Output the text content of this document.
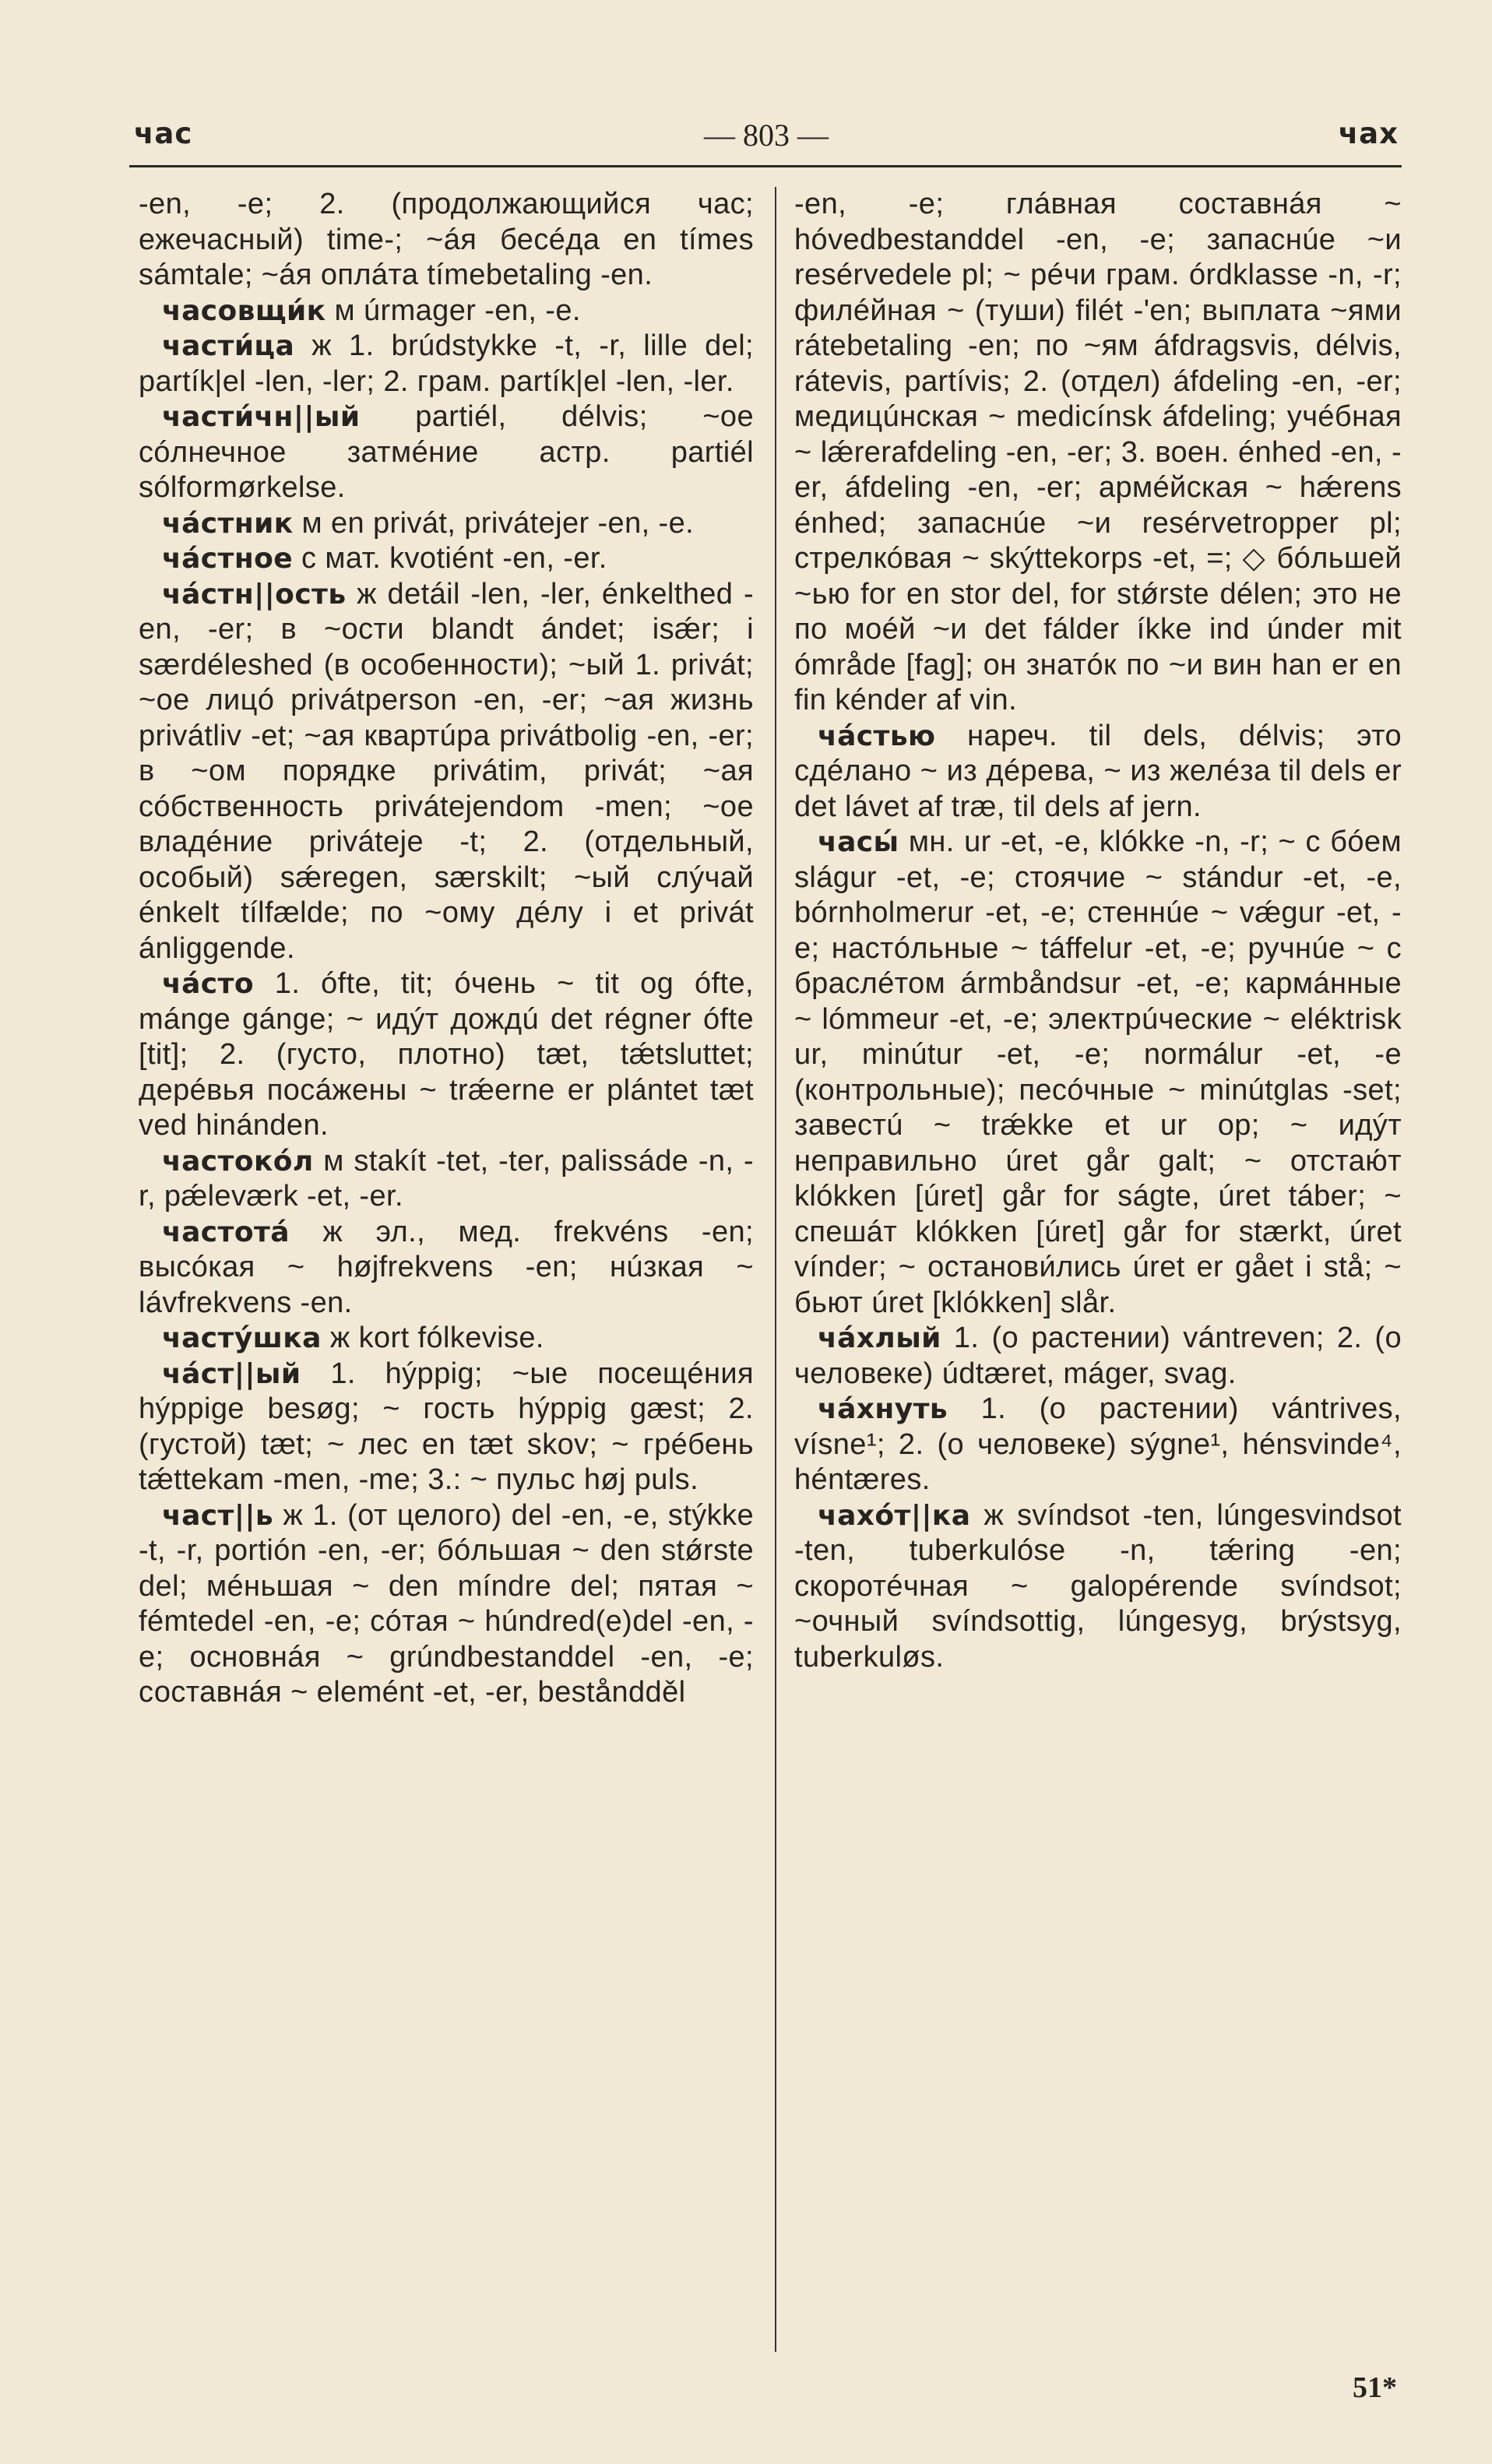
час	— 803 —	чах

-en, -e; 2. (продолжающийся час; ежечасный) time-; ~áя бесéда en tímes sámtale; ~áя оплáта tímebetaling -en.

часовщи́к м úrmager -en, -e.

части́ца ж 1. brúdstykke -t, -r, lille del; partík|el -len, -ler; 2. грам. partík|el -len, -ler.

части́чн||ый partiél, délvis; ~ое сóлнечное затмéние астр. partiél sólformørkelse.

чáстник м en privát, privátejer -en, -e.

чáстное с мат. kvotiént -en, -er.

чáстн||ость ж detáil -len, -ler, énkelthed -en, -er; в ~ости blandt ándet; isǽr; i særdéleshed (в особенности); ~ый 1. privát; ~ое лицó privátperson -en, -er; ~ая жизнь privátliv -et; ~ая квартúра privátbolig -en, -er; в ~ом порядке privátim, privát; ~ая сóбственность privátejendom -men; ~ое владéние privátеje -t; 2. (отдельный, особый) sǽregen, særskilt; ~ый слýчай énkelt tílfælde; по ~ому дéлу i et privát ánliggende.

чáсто 1. ófte, tit; óчень ~ tit og ófte, mánge gánge; ~ идýт дождú det régner ófte [tit]; 2. (густо, плотно) tæt, tǽtsluttet; дерéвья посáжены ~ trǽerne er plántet tæt ved hinánden.

частокóл м stakít -tet, -ter, palissáde -n, -r, pǽleværk -et, -er.

частотá ж эл., мед. frekvéns -en; высóкая ~ højfrekvens -en; нúзкая ~ lávfrekvens -en.

частýшка ж kort fólkevise.

чáст||ый 1. hýppig; ~ые посещéния hýppige besøg; ~ гость hýppig gæst; 2. (густой) tæt; ~ лес en tæt skov; ~ грéбень tǽttekam -men, -me; 3.: ~ пульс høj puls.

част||ь ж 1. (от целого) del -en, -e, stýkke -t, -r, portión -en, -er; бóльшая ~ den stǿrste del; мéньшая ~ den míndre del; пятая ~ fémtedel -en, -e; сóтая ~ húndred(e)del -en, -e; основнáя ~ grúndbestanddel -en, -e; составнáя ~ elemént -et, -er, beståndděl

-en, -e; глáвная составнáя ~ hóvedbestanddel -en, -e; запаснúе ~и resérvedele pl; ~ рéчи грам. órdklasse -n, -r; филéйная ~ (туши) filét -'en; выплата ~ями rátebetaling -en; по ~ям áfdragsvis, délvis, rátevis, partívis; 2. (отдел) áfdeling -en, -er; медицúнская ~ medicínsk áfdeling; учéбная ~ lǽrerafdeling -en, -er; 3. воен. énhed -en, -er, áfdeling -en, -er; армéйская ~ hǽrens énhed; запаснúе ~и resérvetropper pl; стрелкóвая ~ skýttekorps -et, =; ◇ бóльшей ~ью for en stor del, for stǿrste délen; это не по моéй ~и det fálder íkke ind únder mit ómråde [fag]; он знатóк по ~и вин han er en fin kénder af vin.

чáстью нареч. til dels, délvis; это сдéлано ~ из дéрева, ~ из желéза til dels er det lávet af træ, til dels af jern.

часы́ мн. ur -et, -e, klókke -n, -r; ~ с бóем slágur -et, -e; стоячие ~ stándur -et, -e, bórnholmerur -et, -e; стеннúе ~ vǽgur -et, -e; настóльные ~ táffelur -et, -e; ручнúе ~ с браслéтом ármbåndsur -et, -e; кармáнные ~ lómmeur -et, -e; электрúческие ~ eléktrisk ur, minútur -et, -e; normálur -et, -e (контрольные); песóчные ~ minútglas -set; завестú ~ trǽkke et ur op; ~ идýт неправильно úret går galt; ~ отстаю́т klókken [úret] går for ságte, úret táber; ~ спешáт klókken [úret] går for stærkt, úret vínder; ~ останови́лись úret er gået i stå; ~ бьют úret [klókken] slår.

чáхлый 1. (о растении) vántreven; 2. (о человеке) údtæret, máger, svag.

чáхнуть 1. (о растении) vántrives, vísne¹; 2. (о человеке) sýgne¹, hénsvinde⁴, héntæres.

чахóт||ка ж svíndsot -ten, lúngesvindsot -ten, tuberkulóse -n, tǽring -en; скоротéчная ~ galopérende svíndsot; ~очный svíndsottig, lúngesyg, brýstsyg, tuberkuløs.

51*
